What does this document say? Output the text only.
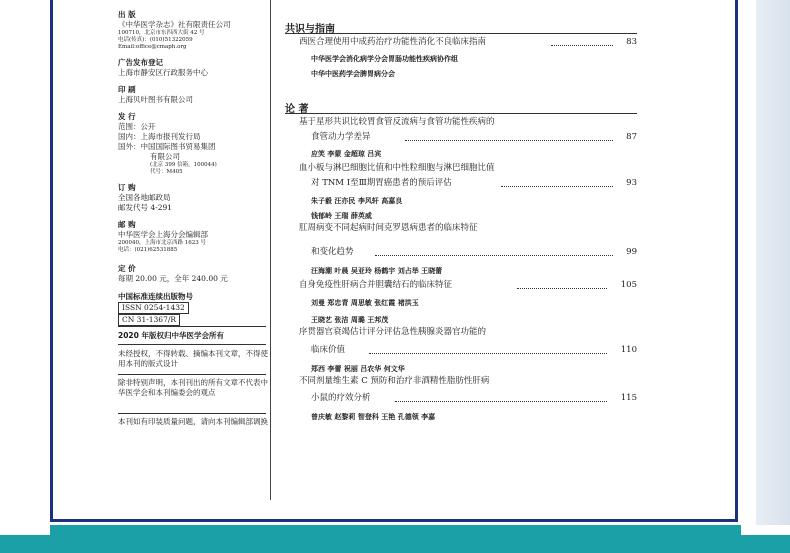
出 版
《中华医学杂志》社有限责任公司
100710，北京市东四西大街 42 号
电话(传真)：(010)51322059
Email:office@cmaph.org
广告发布登记
上海市静安区行政服务中心
印 刷
上海贝叶图书有限公司
发 行
范围：公开
国内：上海市报刊发行局
国外：中国国际图书贸易集团
有限公司
(北京 399 信箱，100044)
代号：M405
订 购
全国各地邮政局
邮发代号 4-291
邮 购
中华医学会上海分会编辑部
200040，上海市北京西路 1623 号
电话：(021)62531885
定 价
每期 20.00 元，全年 240.00 元
中国标准连续出版物号
ISSN 0254-1432
CN 31-1367/R
2020 年版权归中华医学会所有
未经授权，不得转载、摘编本刊文章，不得使用本刊的版式设计
除非特别声明，本刊刊出的所有文章不代表中华医学会和本刊编委会的观点
本刊如有印装质量问题，请向本刊编辑部调换
共识与指南
西医合理使用中成药治疗功能性消化不良临床指南	83
中华医学会消化病学分会胃肠功能性疾病协作组
中华中医药学会脾胃病分会
论 著
基于星形共识比较胃食管反流病与食管功能性疾病的
食管动力学差异	87
应笑 李蒙 金超琼 吕宾
血小板与淋巴细胞比值和中性粒细胞与淋巴细胞比值
对 TNM Ⅰ至Ⅲ期胃癌患者的预后评估	93
朱子毅 汪亦民 李风轩 高嘉良
钱郁岭 王瑞 薛英威
肛周病变不同起病时间克罗恩病患者的临床特征
和变化趋势	99
汪海潮 叶晨 吴亚玲 杨鹤宇 刘占举 王晓蕾
自身免疫性肝病合并胆囊结石的临床特征	105
刘曼 郑忠青 周思敏 张红霞 褚洪玉
王晓艺 张洁 周璐 王邦茂
序贯器官衰竭估计评分评估急性胰腺炎器官功能的
临床价值	110
郑西 李蕾 祝丽 吕农华 何文华
不同剂量维生素 C 预防和治疗非酒精性脂肪性肝病
小鼠的疗效分析	115
曾庆敏 赵黎莉 智登科 王艳 孔德领 李嘉
